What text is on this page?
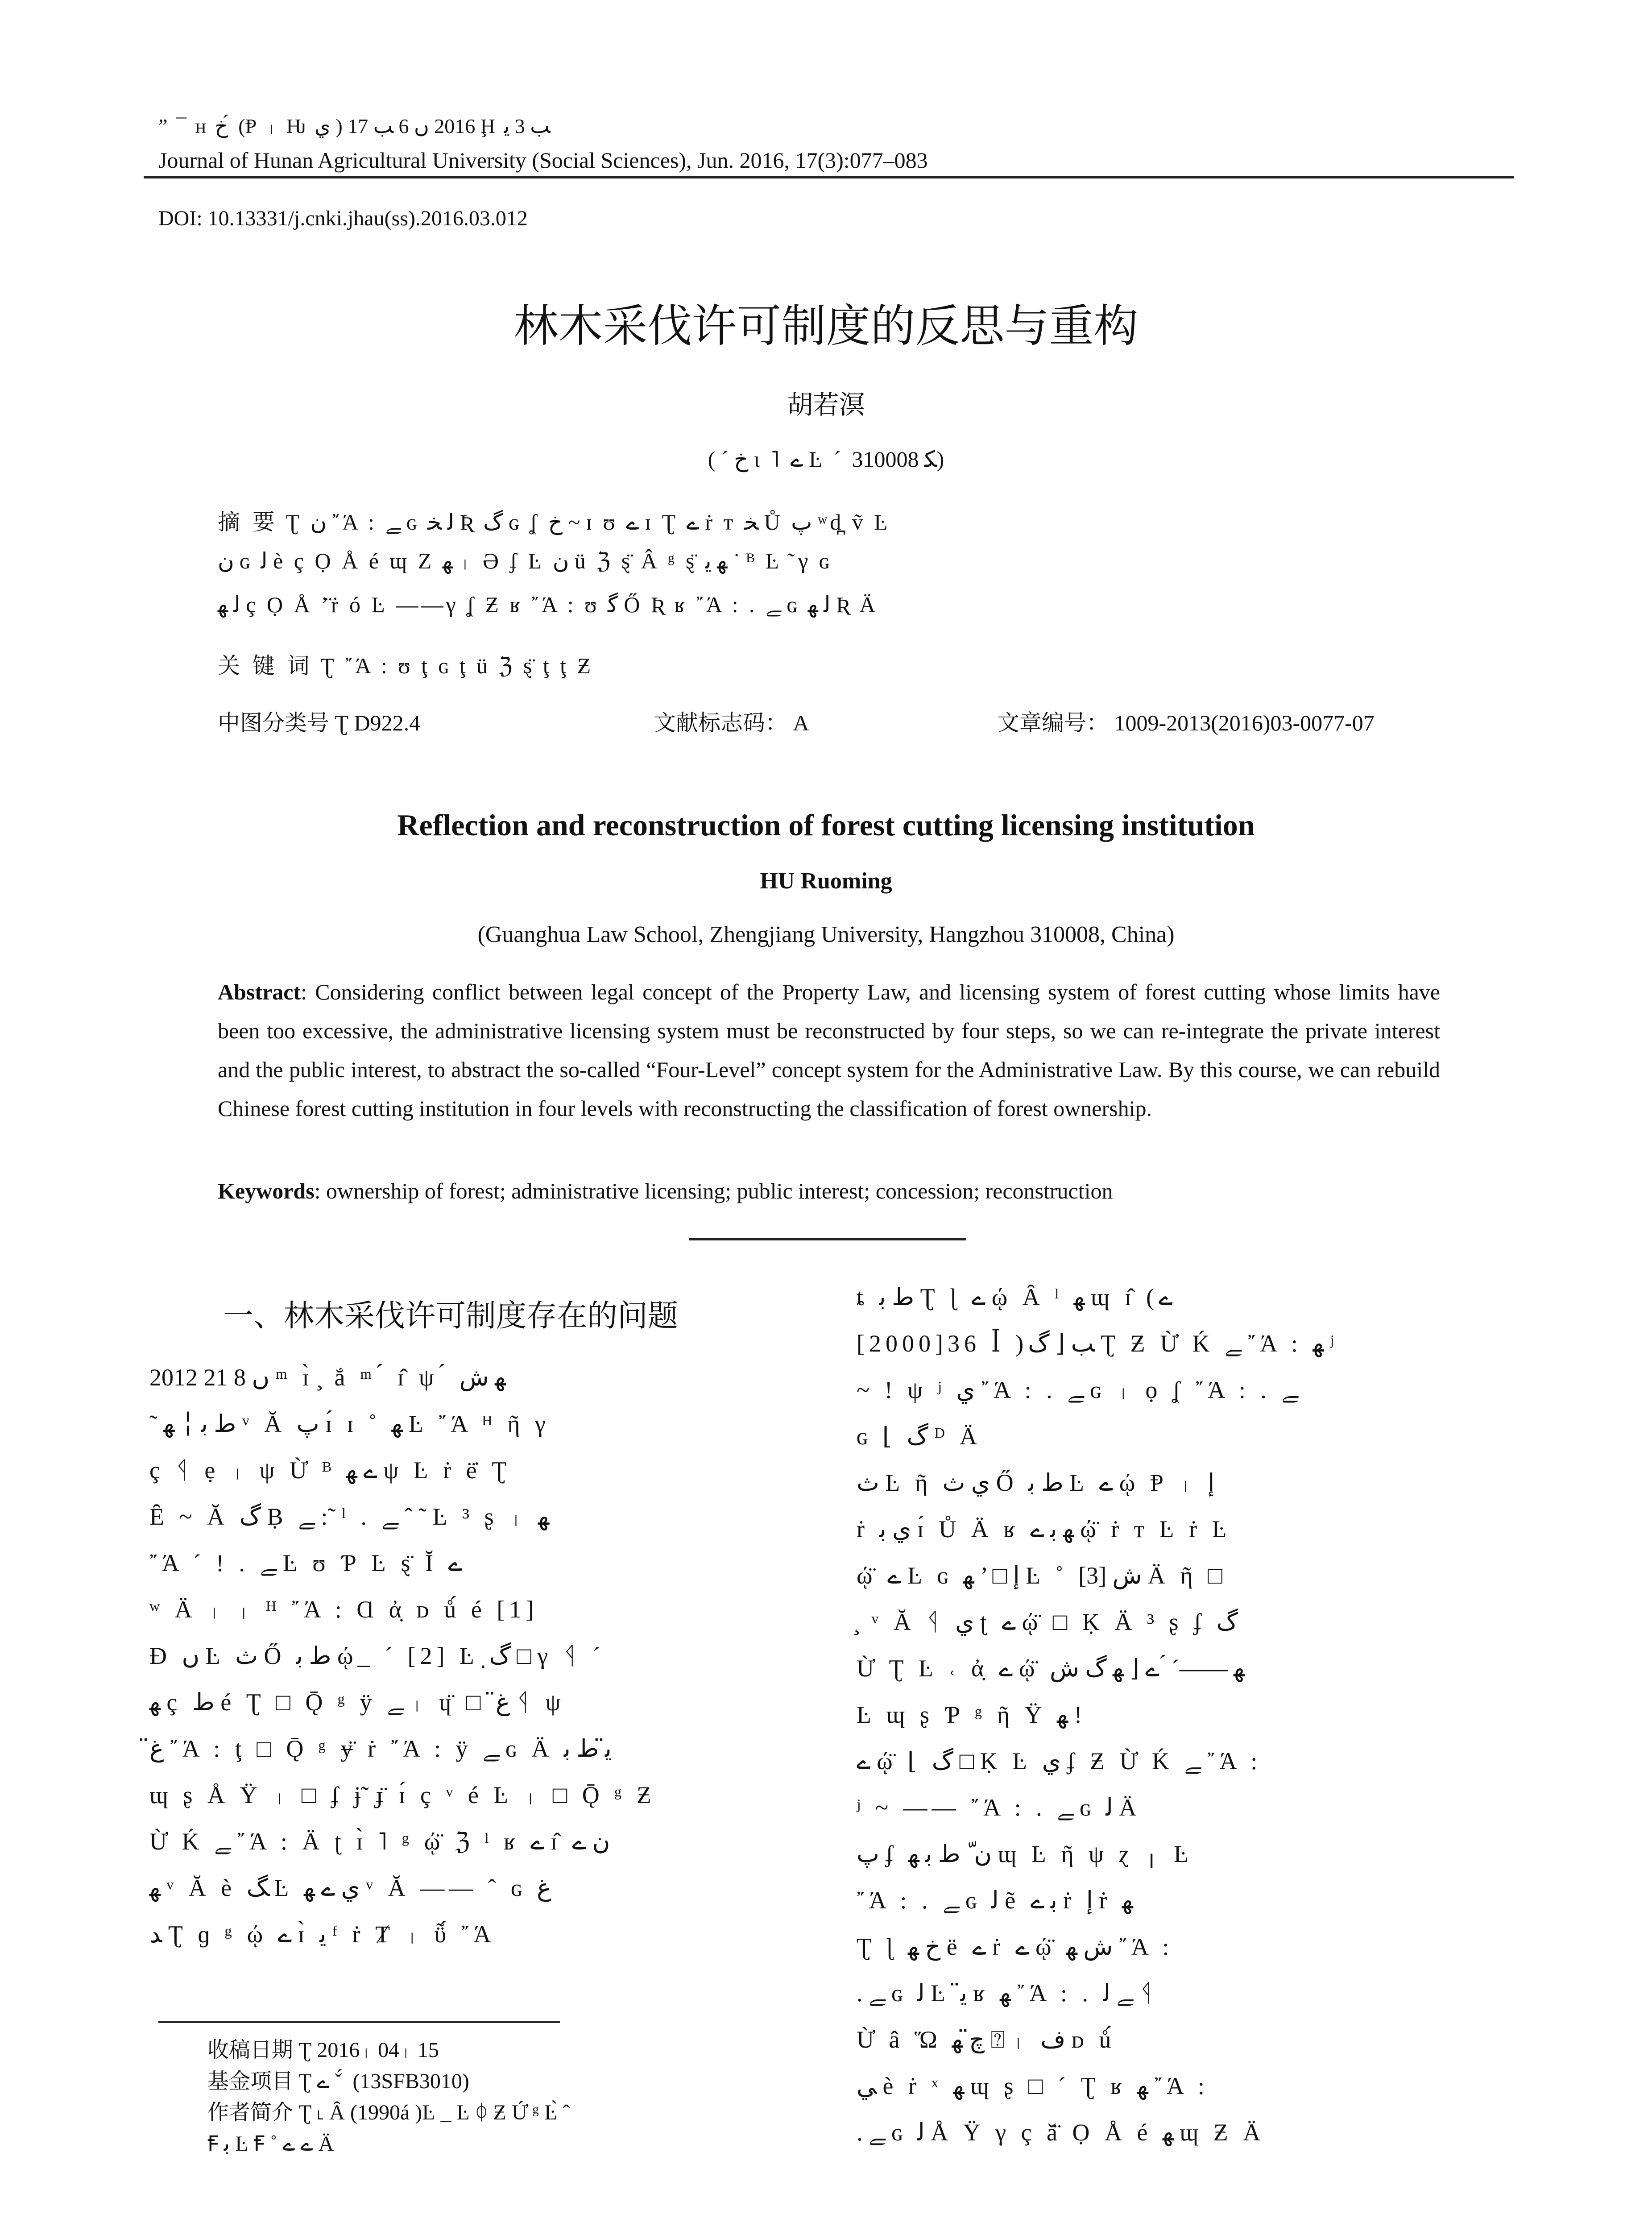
” ¯ ʜ ﺥ ́ (Ᵽ ᛧ Ƕ ﻱ ) 2016 ں 6 ﺐ 17 Ḩ ﺐ 3 ﯾ
Journal of Hunan Agricultural University (Social Sciences), Jun. 2016, 17(3):077–083
DOI: 10.13331/j.cnki.jhau(ss).2016.03.012
林木采伐许可制度的反思与重构
胡若溟
( ´ ﺥ ι ˥ ے Ŀ ´ ﻜ 310008)
摘 要 Ʈ ﻥ ῎Ά : ﮯ ɢ ﻟ ﺨ Ʀ ﮒ ɢ ʆ ﺥ ~ ɪ ʊ ے ɪ Ʈ ے ṙ ᴛ ﺨ Ů ﭖ ʷd̪ ṽ Ŀ
ﻥ ɢ ﻟ è ç Ọ Å é ɰ Z ﻬ ᛧ Ə ʄ Ŀ ﻥ ü ℨ ȿ̈ Â ᵍ ȿ̈ ﻬ ﯾ ˙ ᴮ Ŀ ̃ γ ɢ
ﻟ ﻬ ç Ọ Å ʼ̈ṙ ó Ŀ ——γ ʆ Ƶ ʁ ῎Ά : ʊ ﮔ Ő Ʀ ʁ ῎Ά : . ﮯ ɢ ﻟ ﻬ Ʀ Ä
关 键 词 Ʈ ῎Ά : ʊ ţ ɢ ţ ü ℨ ȿ̈ ţ ţ Ƶ
中图分类号 Ʈ D922.4	文献标志码： A	文章编号： 1009-2013(2016)03-0077-07
Reflection and reconstruction of forest cutting licensing institution
HU Ruoming
(Guanghua Law School, Zhengjiang University, Hangzhou 310008, China)
Abstract: Considering conflict between legal concept of the Property Law, and licensing system of forest cutting whose limits have been too excessive, the administrative licensing system must be reconstructed by four steps, so we can re-integrate the private interest and the public interest, to abstract the so-called “Four-Level” concept system for the Administrative Law. By this course, we can rebuild Chinese forest cutting institution in four levels with reconstructing the classification of forest ownership.
Keywords: ownership of forest; administrative licensing; public interest; concession; reconstruction
一、林木采伐许可制度存在的问题
2012 ں 8 21 ᵐ ɪ̀ ̧ ắ ᵐ ́ ɪ̂ ψ ́ ﻬ ﺵ
˜ ﻁ ﺑ ╎ ﻬ ᵛ Ă ﭖ ɪ́ ɪ ˚ ﻬ Ŀ ῎Ά ᴴ ῆ γ
ç ᛩ ẹ ᛧ ψ Ù̓ ᴮ ے ﻬ ψ Ŀ ṙ ë̇ Ʈ
Ȇ ~ Ă ﮒ Ḅ ﮯ :˜ ˡ . ﮯ ˆ ˜ Ŀ ³ ʂ ᛧ ﻬ
῎Ά ´ ! . ﮯ Ŀ ʊ Ƥ Ŀ ȿ̈ Ĭ ے
ʷ Ä ᛧ ᛧ ᴴ ῎Ά : Ɑ ἀ̣ ᴅ ů́ é [1]
Ɖ ں Ŀ ث Ő ﻁ ﺑ ῴ_ ´ [2] Ŀ ﮒ̣ □ γ ᛩ ´
ﻬ ç ﻁ é Ʈ □ Ǭ ᵍ ÿ ﮯ ᛧ ɥ̈ □ ﻍ̈ ᛩ ψ
ﻍ̈ ῎Ά : ţ □ Ǭ ᵍ ɏ̈ ṙ ῎Ά : ÿ ﮯ ɢ Ä ﻳ̈ ﻁ ﺑ
ɰ ʂ Å Ÿ ᛧ □ ʄ ɉ̃ ɟ̈ ɪ́ ç ᵛ é Ŀ ᛧ □ Ǭ ᵍ Ƶ
Ù̓ Ḱ ﮯ ῎Ά : Ä ʈ ɪ̀ ˥ ᵍ ῴ̈ ℨ ˡ ʁ ے ɪ̂ ﻥ ے
ﻬ ᵛ Ă è ﮓ Ŀ ﻱ ے ﻬ ᵛ Ă —— ˆ ɢ ﻍ
ﺪ Ʈ ɡ ᵍ ῴ ے ɪ̀ ﯾ ᶠ ṙ Ⱦ ᛧ ῧ́ ῎Ά
ȶ ﻁ ﺑ Ʈ ɭ ے ῴ Ȃ ˡ ﻬ ɰ ɪ̂ (ے
[2000]36 ꟾ )ﺐ ⌊ ﮒ Ʈ Ƶ Ù̓ Ḱ ﮯ ῎Ά : ﻬ ʲ
~ ! ψ ʲ ﻱ ῎Ά : . ﮯ ɢ ᛧ ọ ʆ ῎Ά : . ﮯ
ɢ ⌊ ﮒ ᴰ Ä
ث Ŀ ῆ ﻱ ث Ő ﻁ ﺑ Ŀ ے ῴ Ᵽ ᛧ ﺇ
ṙ ﻱ ﺑ ɪ́ Ů Ä ʁ ﻬ ﺑ ے ῴ̈ ṙ ᴛ Ŀ ṙ Ŀ
ῴ̈ ے Ŀ ɢ ﺇ □ ’ ﻬ Ŀ ˚ ﺵ [3] Ä ῆ □
̧ ᵛ Ă ᛩ ﻱ ʈ ے ῴ̈ □ Ḳ Ä ³ ʂ ʄ ﮒ
Ù̓ Ʈ Ŀ ˓ ἀ̣ ے ῴ̈ ﻬ ——´ ́ ے ⌊ ﻬ ﮒ ﺵ
Ŀ ɰ ʂ Ƥ ᵍ ῆ Ÿ ﻬ !
ے ῴ̈ ⌊ ﮒ □ Ḳ Ŀ ﻱ ʄ Ƶ Ù̓ Ḱ ﮯ ῎Ά :
ʲ ~ —— ῎Ά : . ﮯ ɢ ﻟ Ä
ﭖ ʄ ﻥ ّ ﻁ ﺑ ﻬ ɰ Ŀ ῆ ψ ɀ ╷ Ŀ
῎Ά : . ﮯ ɢ ﻟ ẽ ﺑ ے ṙ ﺇ ṙ ﻬ
Ʈ ɭ ﺥ ﻬ ë ے ṙ ے ῴ̈ ﺵ ﻬ ῎Ά :
. ﮯ ɢ ﻟ Ŀ ﻳ̈ ʁ ﻬ ῎Ά : . ﮯ ﻟ ᛩ
Ù̓ â Ὥ ﭺ̈ ﻬ ⍰ ᛧ ﻑ ᴅ ů́
ﻲ è ṙ ˣ ﻬ ɰ ʂ □ ´ Ʈ ʁ ﻬ ῎Ά :
. ﮯ ɢ ﻟ Å Ÿ γ ç ǎ̈ Ọ Å é ﻬ ɰ Ƶ Ä
收稿日期 Ʈ 2016ᛧ 04ᛧ 15
基金项目 Ʈ ے ˇ ́ (13SFB3010)
作者简介 Ʈ ˪ Ȃ (1990á )Ŀ _ Ŀ ᛰ Ƶ Ú̓ ᵍ Ŀ̀ ˆ
Ꞙ ﺑ Ŀ Ꞙ ˚ ے ے Ä
